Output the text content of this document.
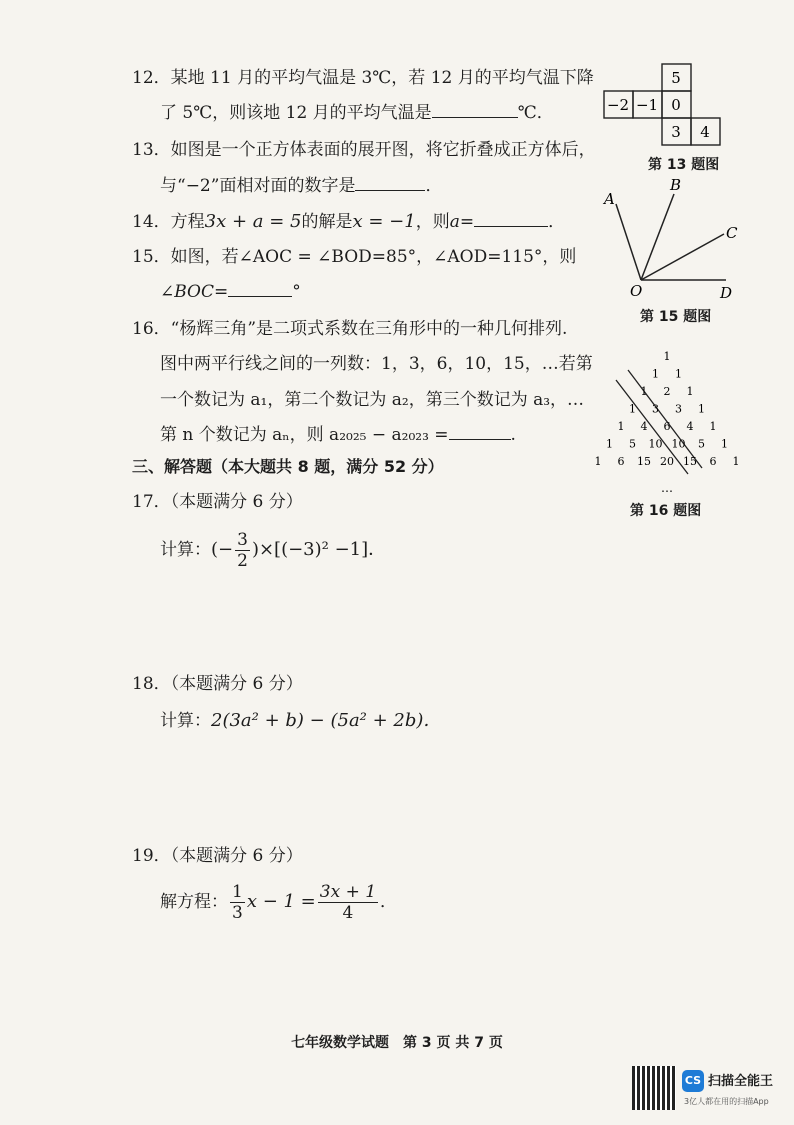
12．某地 11 月的平均气温是 3℃，若 12 月的平均气温下降
了 5℃，则该地 12 月的平均气温是	℃．
13．如图是一个正方体表面的展开图，将它折叠成正方体后，
与“−2”面相对面的数字是	．
5
−2 −1 0
3 4
第 13 题图
14．方程3x + a = 5的解是x = −1，则a=	．
15．如图，若∠AOC = ∠BOD=85°，∠AOD=115°，则
∠BOC=	°
A
B
C
O	D
第 15 题图
16．“杨辉三角”是二项式系数在三角形中的一种几何排列.
图中两平行线之间的一列数：1，3，6，10，15，…若第
一个数记为 a₁，第二个数记为 a₂，第三个数记为 a₃，…
第 n 个数记为 aₙ，则 a₂₀₂₅ − a₂₀₂₃ =	.
1
1 1
1 2 1
1 3 3 1
1 4 6 4 1
1 5 10 10 5 1
1 6 15 20 15 6 1
…
第 16 题图
三、解答题（本大题共 8 题，满分 52 分）
17．（本题满分 6 分）
计算：(− $\frac{3}{2} )\times[(-3)^2 -1]$．
18．（本题满分 6 分）
计算：2(3a² + b) − (5a² + 2b)．
19．（本题满分 6 分）
解方程： $\frac{1}{3}$ $x - 1 = \frac{3x + 1}{4}$ ．
七年级数学试题　第 3 页 共 7 页
CS 扫描全能王
3亿人都在用的扫描App
